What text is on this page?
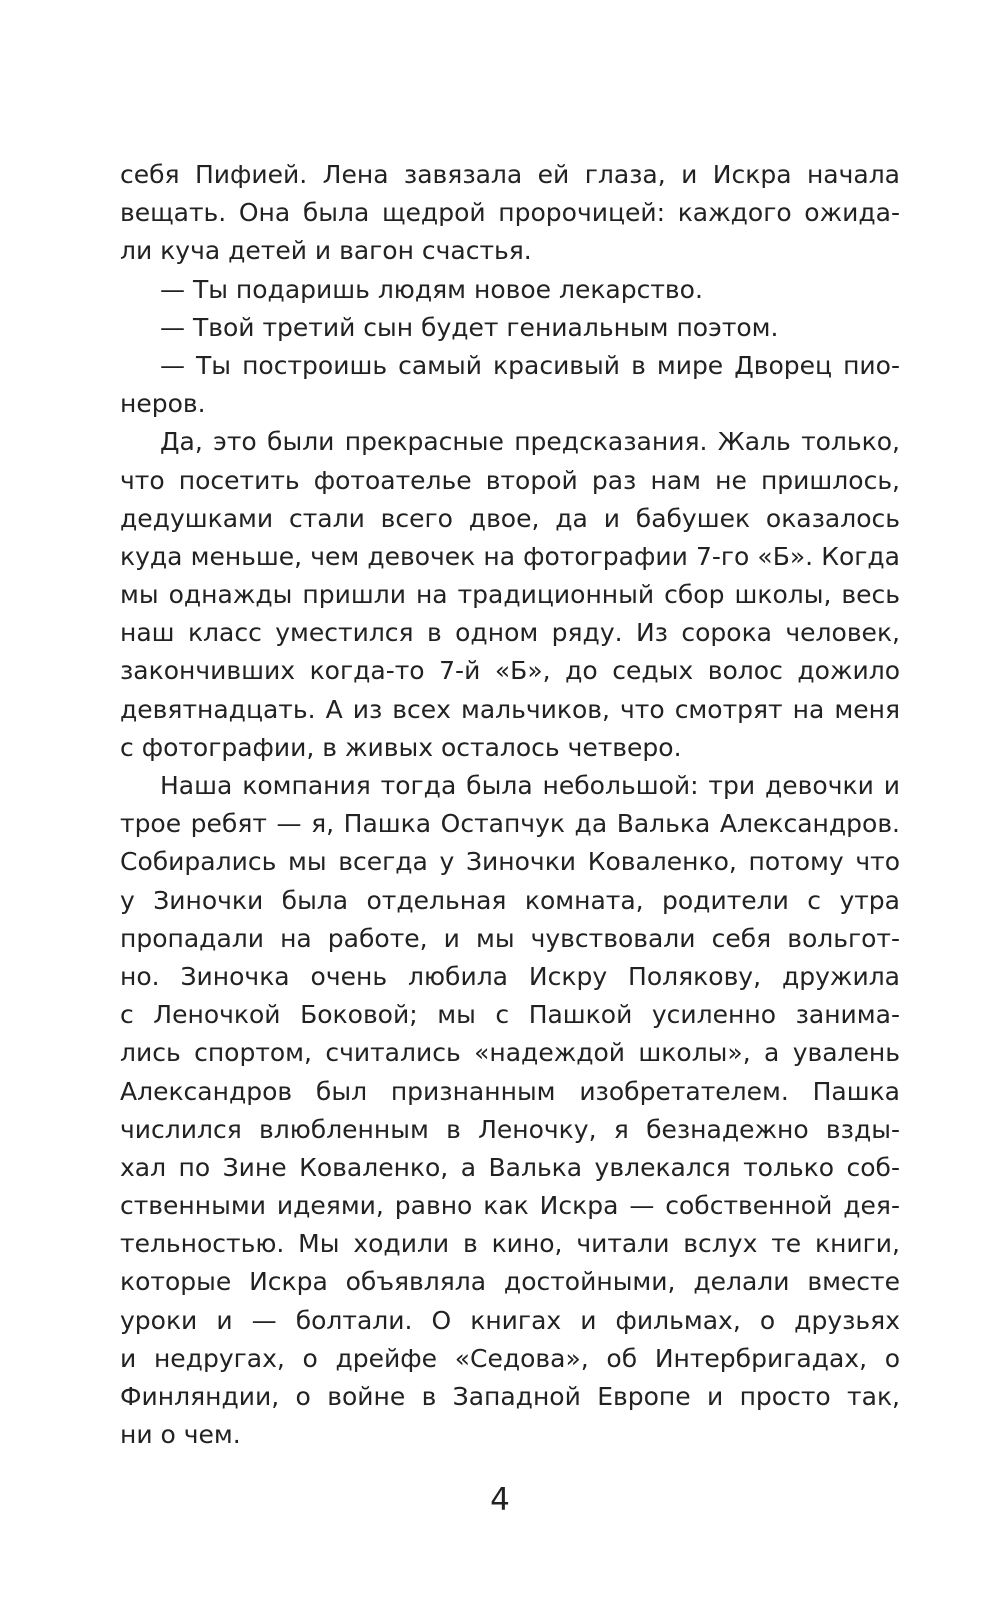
себя Пифией. Лена завязала ей глаза, и Искра начала
вещать. Она была щедрой пророчицей: каждого ожида-
ли куча детей и вагон счастья.
— Ты подаришь людям новое лекарство.
— Твой третий сын будет гениальным поэтом.
— Ты построишь самый красивый в мире Дворец пио-
неров.
Да, это были прекрасные предсказания. Жаль только,
что посетить фотоателье второй раз нам не пришлось,
дедушками стали всего двое, да и бабушек оказалось
куда меньше, чем девочек на фотографии 7-го «Б». Когда
мы однажды пришли на традиционный сбор школы, весь
наш класс уместился в одном ряду. Из сорока человек,
закончивших когда-то 7-й «Б», до седых волос дожило
девятнадцать. А из всех мальчиков, что смотрят на меня
с фотографии, в живых осталось четверо.
Наша компания тогда была небольшой: три девочки и
трое ребят — я, Пашка Остапчук да Валька Александров.
Собирались мы всегда у Зиночки Коваленко, потому что
у Зиночки была отдельная комната, родители с утра
пропадали на работе, и мы чувствовали себя вольгот-
но. Зиночка очень любила Искру Полякову, дружила
с Леночкой Боковой; мы с Пашкой усиленно занима-
лись спортом, считались «надеждой школы», а увалень
Александров был признанным изобретателем. Пашка
числился влюбленным в Леночку, я безнадежно взды-
хал по Зине Коваленко, а Валька увлекался только соб-
ственными идеями, равно как Искра — собственной дея-
тельностью. Мы ходили в кино, читали вслух те книги,
которые Искра объявляла достойными, делали вместе
уроки и — болтали. О книгах и фильмах, о друзьях
и недругах, о дрейфе «Седова», об Интербригадах, о
Финляндии, о войне в Западной Европе и просто так,
ни о чем.
4
